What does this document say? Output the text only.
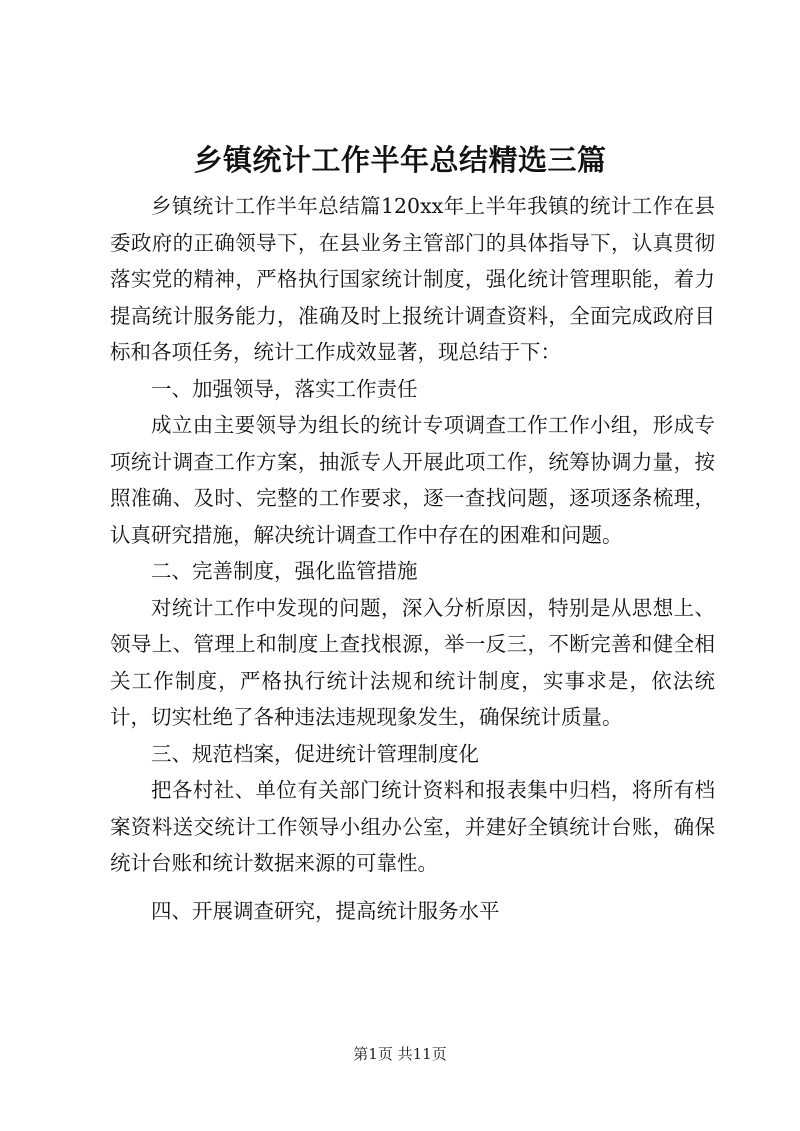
乡镇统计工作半年总结精选三篇

乡镇统计工作半年总结篇120xx年上半年我镇的统计工作在县委政府的正确领导下，在县业务主管部门的具体指导下，认真贯彻落实党的精神，严格执行国家统计制度，强化统计管理职能，着力提高统计服务能力，准确及时上报统计调查资料，全面完成政府目标和各项任务，统计工作成效显著，现总结于下：

一、加强领导，落实工作责任

成立由主要领导为组长的统计专项调查工作工作小组，形成专项统计调查工作方案，抽派专人开展此项工作，统筹协调力量，按照准确、及时、完整的工作要求，逐一查找问题，逐项逐条梳理，认真研究措施，解决统计调查工作中存在的困难和问题。

二、完善制度，强化监管措施

对统计工作中发现的问题，深入分析原因，特别是从思想上、领导上、管理上和制度上查找根源，举一反三，不断完善和健全相关工作制度，严格执行统计法规和统计制度，实事求是，依法统计，切实杜绝了各种违法违规现象发生，确保统计质量。

三、规范档案，促进统计管理制度化

把各村社、单位有关部门统计资料和报表集中归档，将所有档案资料送交统计工作领导小组办公室，并建好全镇统计台账，确保统计台账和统计数据来源的可靠性。

四、开展调查研究，提高统计服务水平

第1页 共11页
